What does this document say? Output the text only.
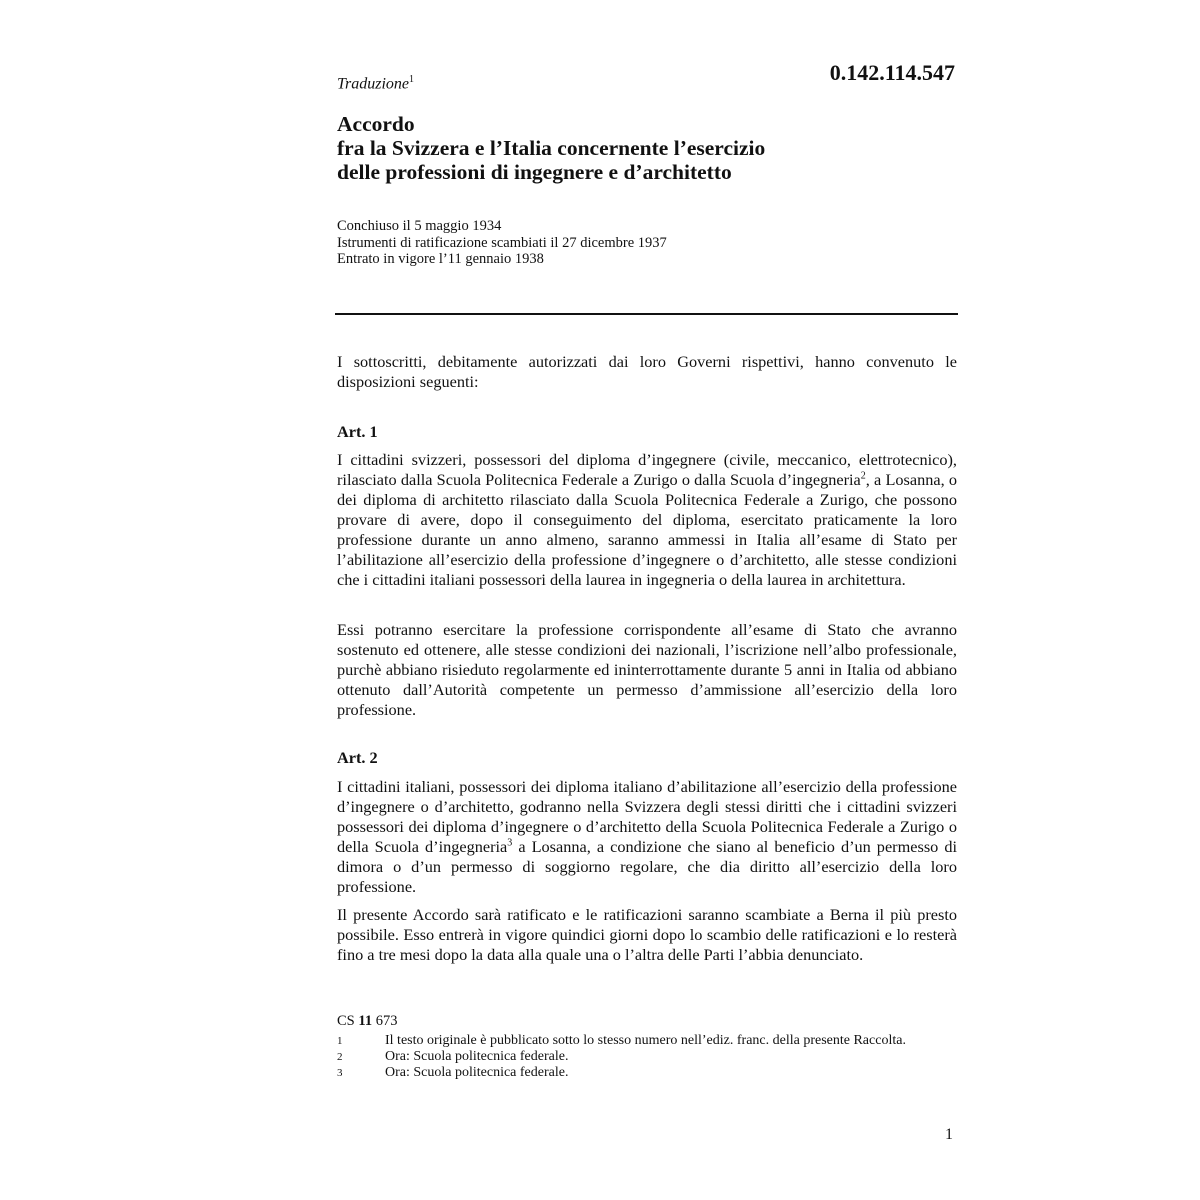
Traduzione$^1$	0.142.114.547
Accordo
fra la Svizzera e l’Italia concernente l’esercizio
delle professioni di ingegnere e d’architetto
Conchiuso il 5 maggio 1934
Istrumenti di ratificazione scambiati il 27 dicembre 1937
Entrato in vigore l’11 gennaio 1938
I sottoscritti, debitamente autorizzati dai loro Governi rispettivi, hanno convenuto le disposizioni seguenti:
Art. 1
I cittadini svizzeri, possessori del diploma d’ingegnere (civile, meccanico, elettrotecnico), rilasciato dalla Scuola Politecnica Federale a Zurigo o dalla Scuola d’ingegneria$^2$, a Losanna, o dei diploma di architetto rilasciato dalla Scuola Politecnica Federale a Zurigo, che possono provare di avere, dopo il conseguimento del diploma, esercitato praticamente la loro professione durante un anno almeno, saranno ammessi in Italia all’esame di Stato per l’abilitazione all’esercizio della professione d’ingegnere o d’architetto, alle stesse condizioni che i cittadini italiani possessori della laurea in ingegneria o della laurea in architettura.
Essi potranno esercitare la professione corrispondente all’esame di Stato che avranno sostenuto ed ottenere, alle stesse condizioni dei nazionali, l’iscrizione nell’albo professionale, purchè abbiano risieduto regolarmente ed ininterrottamente durante 5 anni in Italia od abbiano ottenuto dall’Autorità competente un permesso d’ammissione all’esercizio della loro professione.
Art. 2
I cittadini italiani, possessori dei diploma italiano d’abilitazione all’esercizio della professione d’ingegnere o d’architetto, godranno nella Svizzera degli stessi diritti che i cittadini svizzeri possessori dei diploma d’ingegnere o d’architetto della Scuola Politecnica Federale a Zurigo o della Scuola d’ingegneria$^3$ a Losanna, a condizione che siano al beneficio d’un permesso di dimora o d’un permesso di soggiorno regolare, che dia diritto all’esercizio della loro professione.
Il presente Accordo sarà ratificato e le ratificazioni saranno scambiate a Berna il più presto possibile. Esso entrerà in vigore quindici giorni dopo lo scambio delle ratificazioni e lo resterà fino a tre mesi dopo la data alla quale una o l’altra delle Parti l’abbia denunciato.
CS 11 673
1	Il testo originale è pubblicato sotto lo stesso numero nell’ediz. franc. della presente Raccolta.
2	Ora: Scuola politecnica federale.
3	Ora: Scuola politecnica federale.
1
